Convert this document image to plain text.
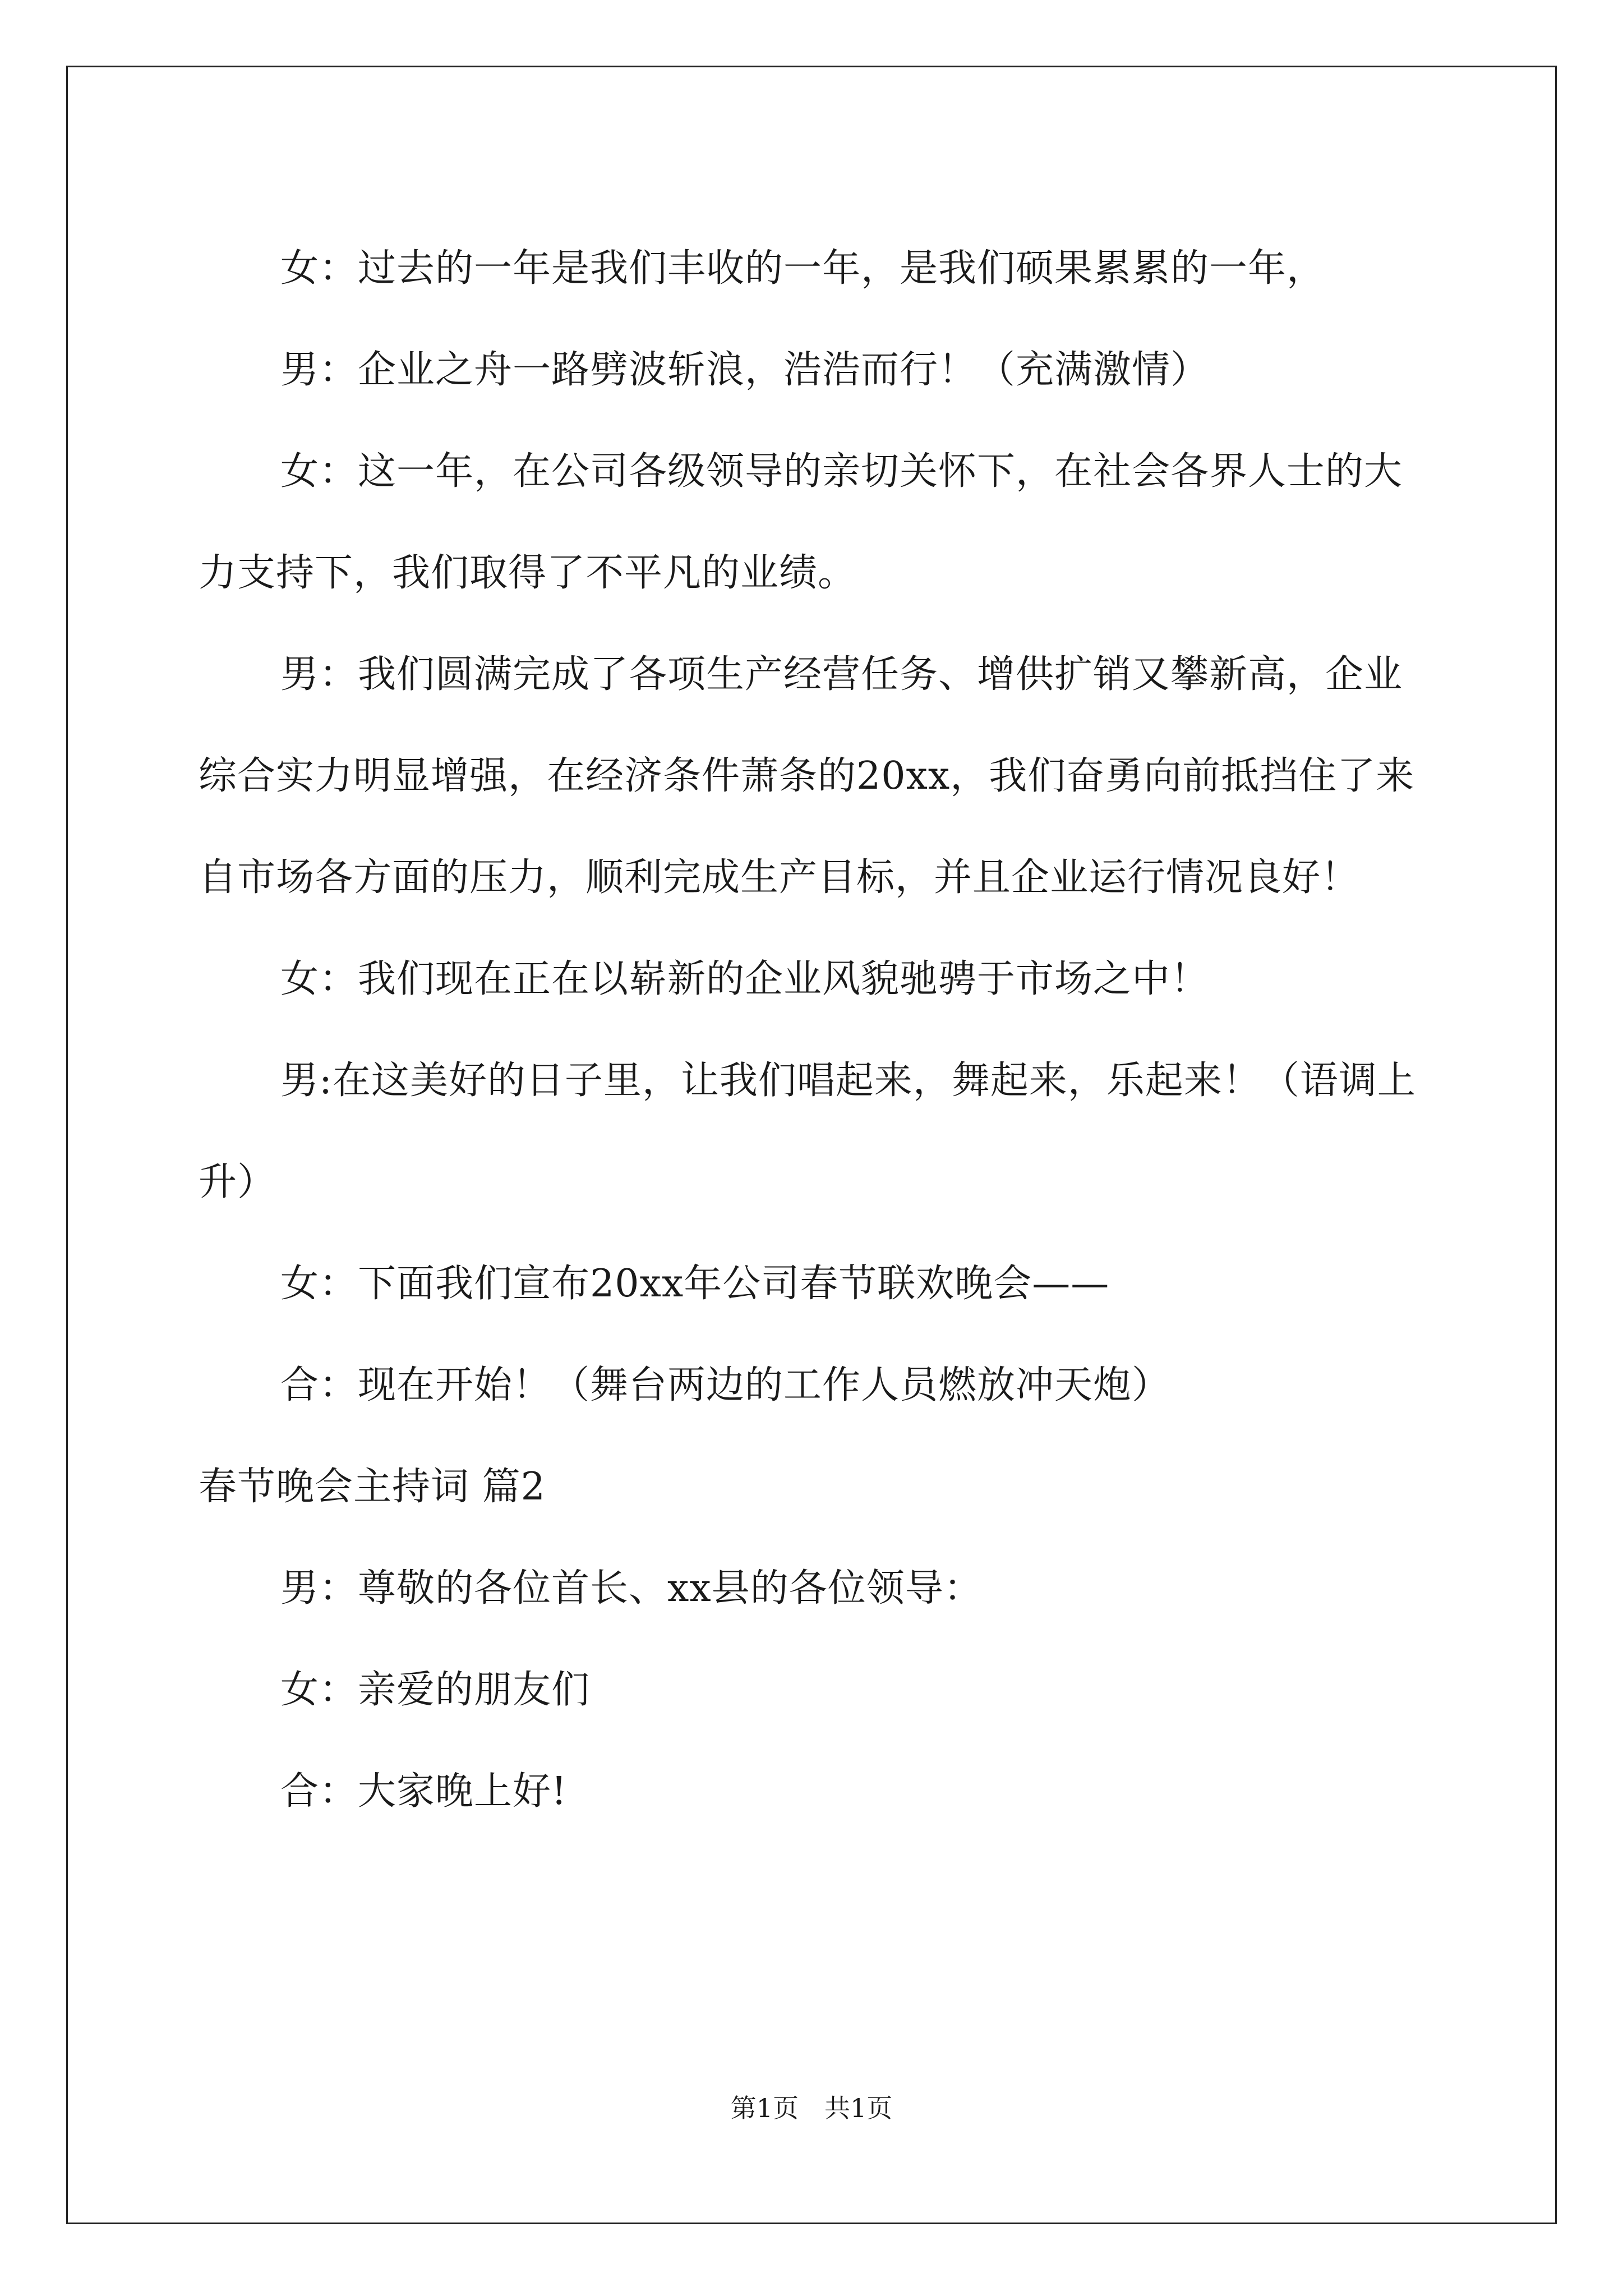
女：过去的一年是我们丰收的一年，是我们硕果累累的一年，

男：企业之舟一路劈波斩浪，浩浩而行！（充满激情）

女：这一年，在公司各级领导的亲切关怀下，在社会各界人士的大力支持下，我们取得了不平凡的业绩。

男：我们圆满完成了各项生产经营任务、增供扩销又攀新高，企业综合实力明显增强，在经济条件萧条的20xx，我们奋勇向前抵挡住了来自市场各方面的压力，顺利完成生产目标，并且企业运行情况良好！

女：我们现在正在以崭新的企业风貌驰骋于市场之中！

男:在这美好的日子里，让我们唱起来，舞起来，乐起来！（语调上升）

女：下面我们宣布20xx年公司春节联欢晚会——

合：现在开始！（舞台两边的工作人员燃放冲天炮）

春节晚会主持词 篇2

男：尊敬的各位首长、xx县的各位领导：

女：亲爱的朋友们

合：大家晚上好!

第1页　共1页
